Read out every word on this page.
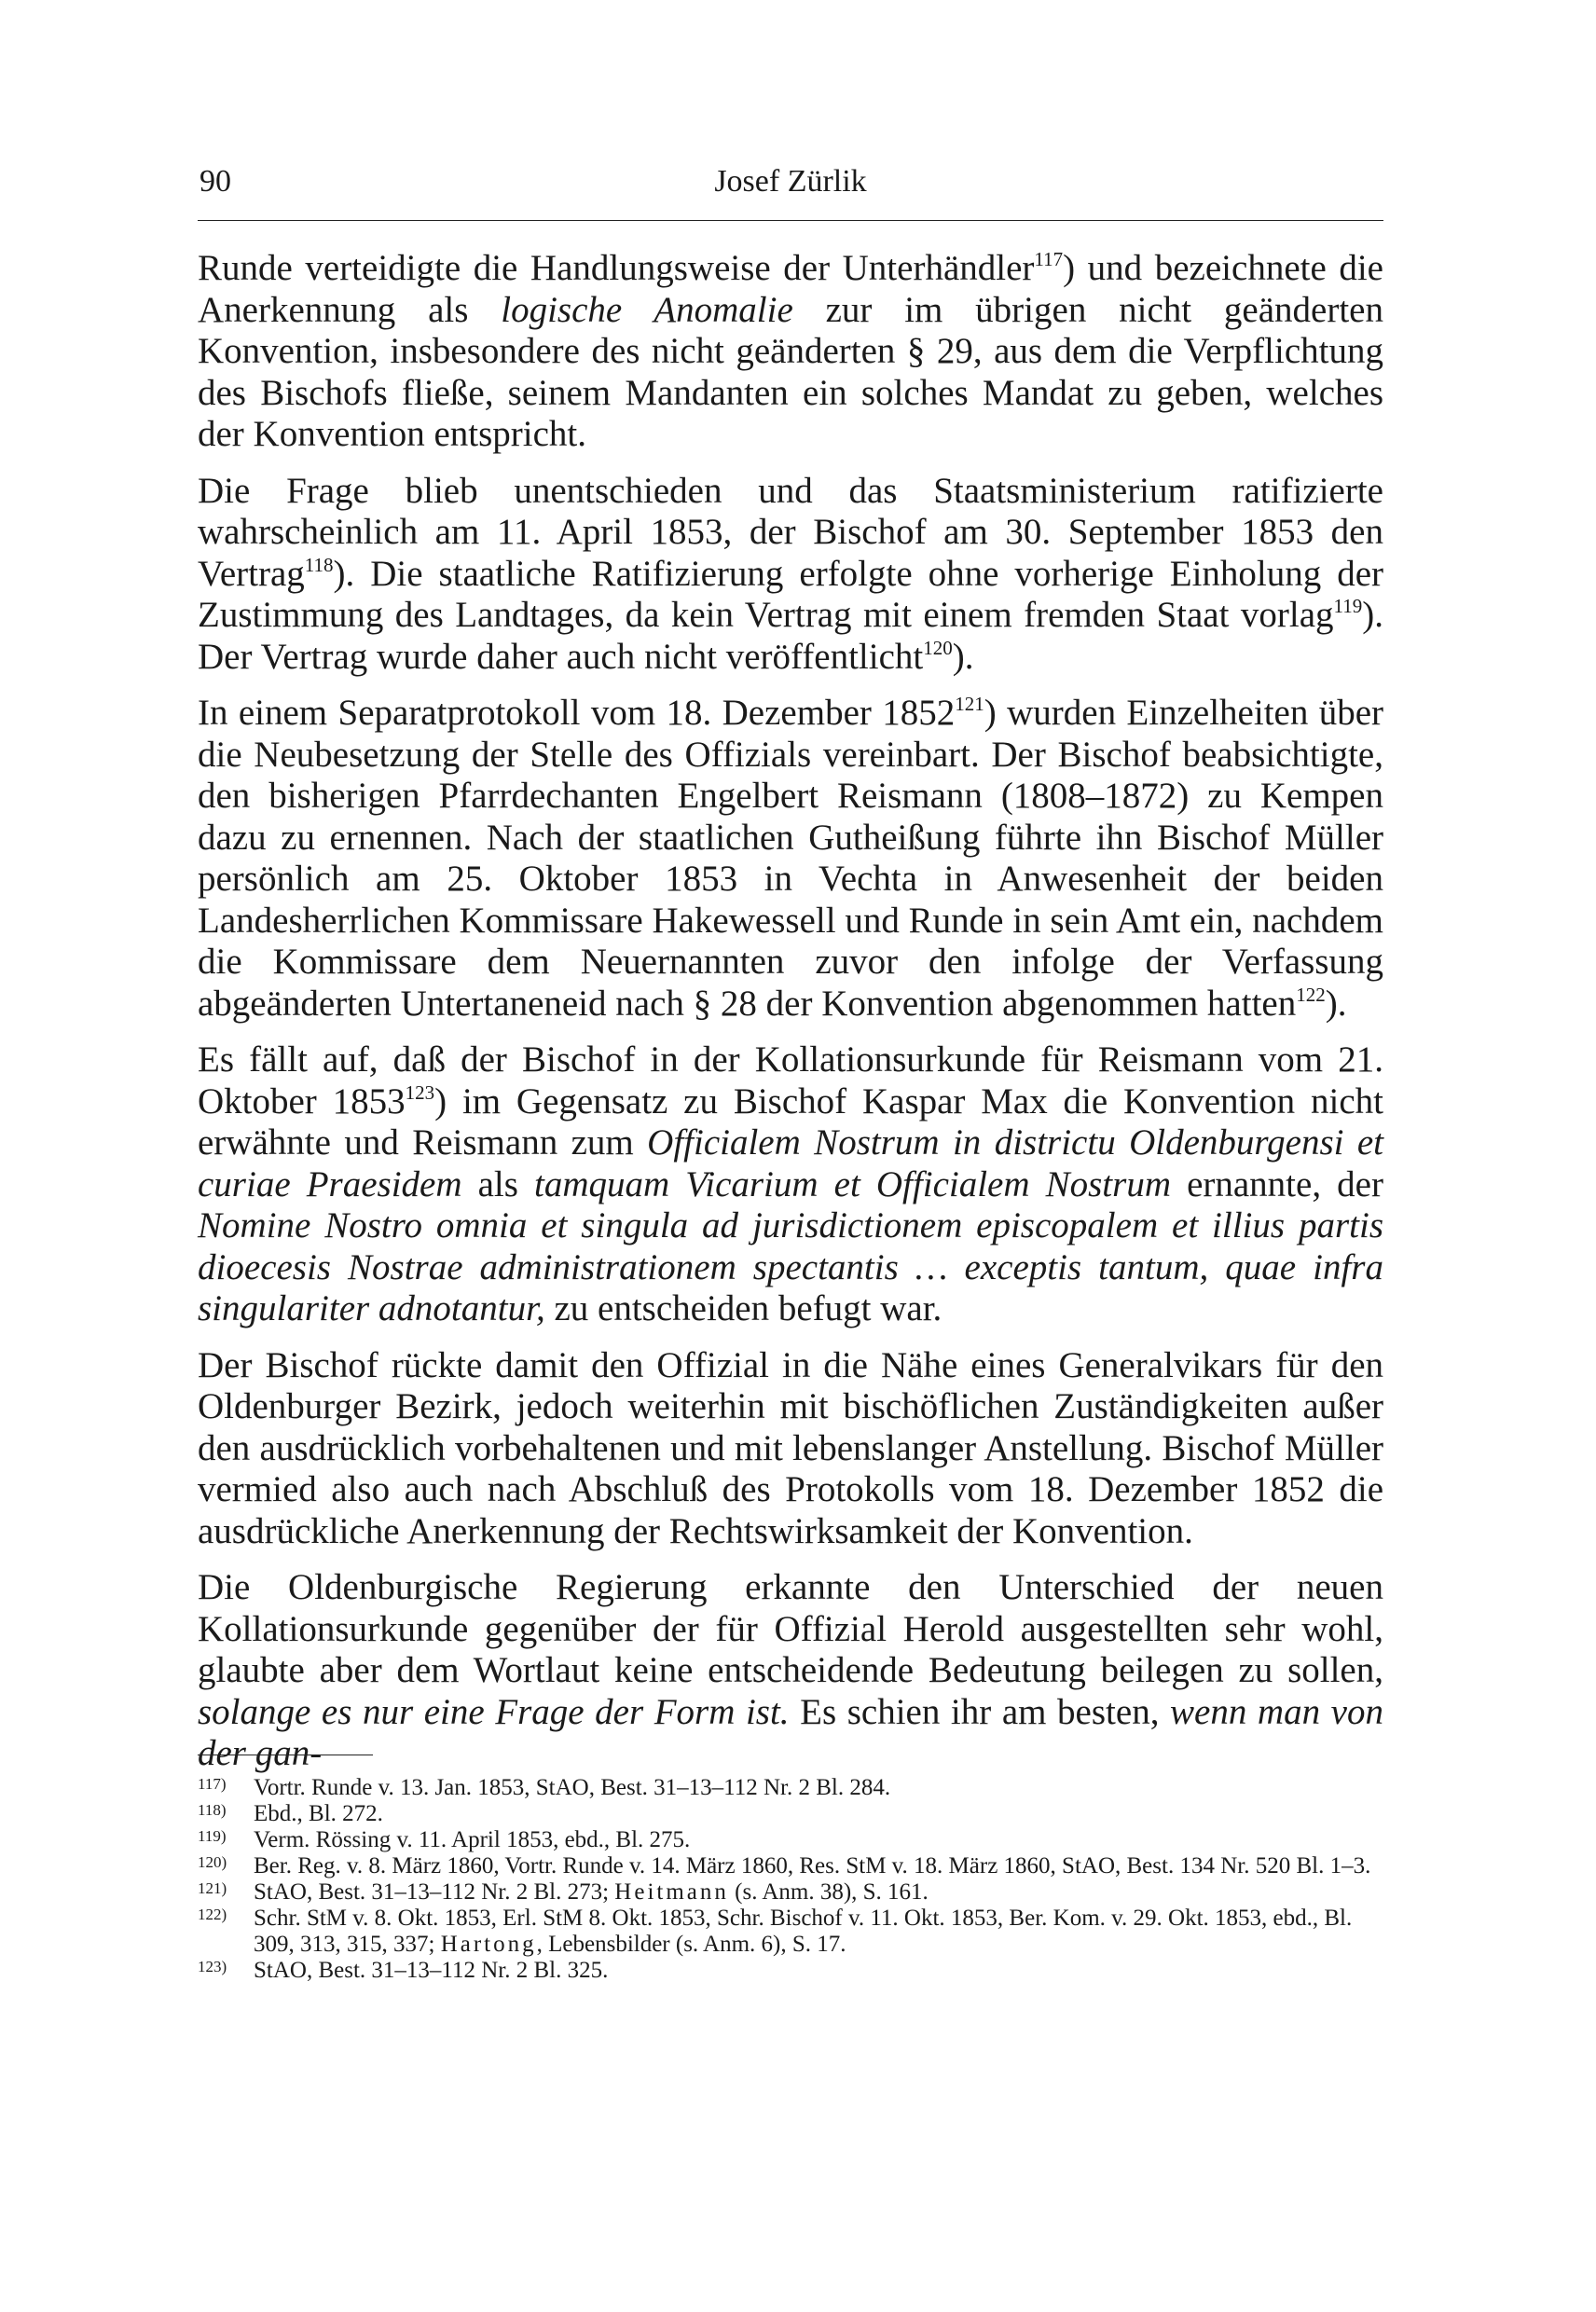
90	Josef Zürlik

Runde verteidigte die Handlungsweise der Unterhändler$^{117}$) und bezeichnete die Anerkennung als logische Anomalie zur im übrigen nicht geänderten Konvention, insbesondere des nicht geänderten § 29, aus dem die Verpflichtung des Bischofs fließe, seinem Mandanten ein solches Mandat zu geben, welches der Konvention entspricht.

Die Frage blieb unentschieden und das Staatsministerium ratifizierte wahrscheinlich am 11. April 1853, der Bischof am 30. September 1853 den Vertrag$^{118}$). Die staatliche Ratifizierung erfolgte ohne vorherige Einholung der Zustimmung des Landtages, da kein Vertrag mit einem fremden Staat vorlag$^{119}$). Der Vertrag wurde daher auch nicht veröffentlicht$^{120}$).

In einem Separatprotokoll vom 18. Dezember 1852$^{121}$) wurden Einzelheiten über die Neubesetzung der Stelle des Offizials vereinbart. Der Bischof beabsichtigte, den bisherigen Pfarrdechanten Engelbert Reismann (1808–1872) zu Kempen dazu zu ernennen. Nach der staatlichen Gutheißung führte ihn Bischof Müller persönlich am 25. Oktober 1853 in Vechta in Anwesenheit der beiden Landesherrlichen Kommissare Hakewessell und Runde in sein Amt ein, nachdem die Kommissare dem Neuernannten zuvor den infolge der Verfassung abgeänderten Untertaneneid nach § 28 der Konvention abgenommen hatten$^{122}$).

Es fällt auf, daß der Bischof in der Kollationsurkunde für Reismann vom 21. Oktober 1853$^{123}$) im Gegensatz zu Bischof Kaspar Max die Konvention nicht erwähnte und Reismann zum Officialem Nostrum in districtu Oldenburgensi et curiae Praesidem als tamquam Vicarium et Officialem Nostrum ernannte, der Nomine Nostro omnia et singula ad jurisdictionem episcopalem et illius partis dioecesis Nostrae administrationem spectantis … exceptis tantum, quae infra singulariter adnotantur, zu entscheiden befugt war.

Der Bischof rückte damit den Offizial in die Nähe eines Generalvikars für den Oldenburger Bezirk, jedoch weiterhin mit bischöflichen Zuständigkeiten außer den ausdrücklich vorbehaltenen und mit lebenslanger Anstellung. Bischof Müller vermied also auch nach Abschluß des Protokolls vom 18. Dezember 1852 die ausdrückliche Anerkennung der Rechtswirksamkeit der Konvention.

Die Oldenburgische Regierung erkannte den Unterschied der neuen Kollationsurkunde gegenüber der für Offizial Herold ausgestellten sehr wohl, glaubte aber dem Wortlaut keine entscheidende Bedeutung beilegen zu sollen, solange es nur eine Frage der Form ist. Es schien ihr am besten, wenn man von der gan-

117) Vortr. Runde v. 13. Jan. 1853, StAO, Best. 31–13–112 Nr. 2 Bl. 284.
118) Ebd., Bl. 272.
119) Verm. Rössing v. 11. April 1853, ebd., Bl. 275.
120) Ber. Reg. v. 8. März 1860, Vortr. Runde v. 14. März 1860, Res. StM v. 18. März 1860, StAO, Best. 134 Nr. 520 Bl. 1–3.
121) StAO, Best. 31–13–112 Nr. 2 Bl. 273; Heitmann (s. Anm. 38), S. 161.
122) Schr. StM v. 8. Okt. 1853, Erl. StM 8. Okt. 1853, Schr. Bischof v. 11. Okt. 1853, Ber. Kom. v. 29. Okt. 1853, ebd., Bl. 309, 313, 315, 337; Hartong, Lebensbilder (s. Anm. 6), S. 17.
123) StAO, Best. 31–13–112 Nr. 2 Bl. 325.
